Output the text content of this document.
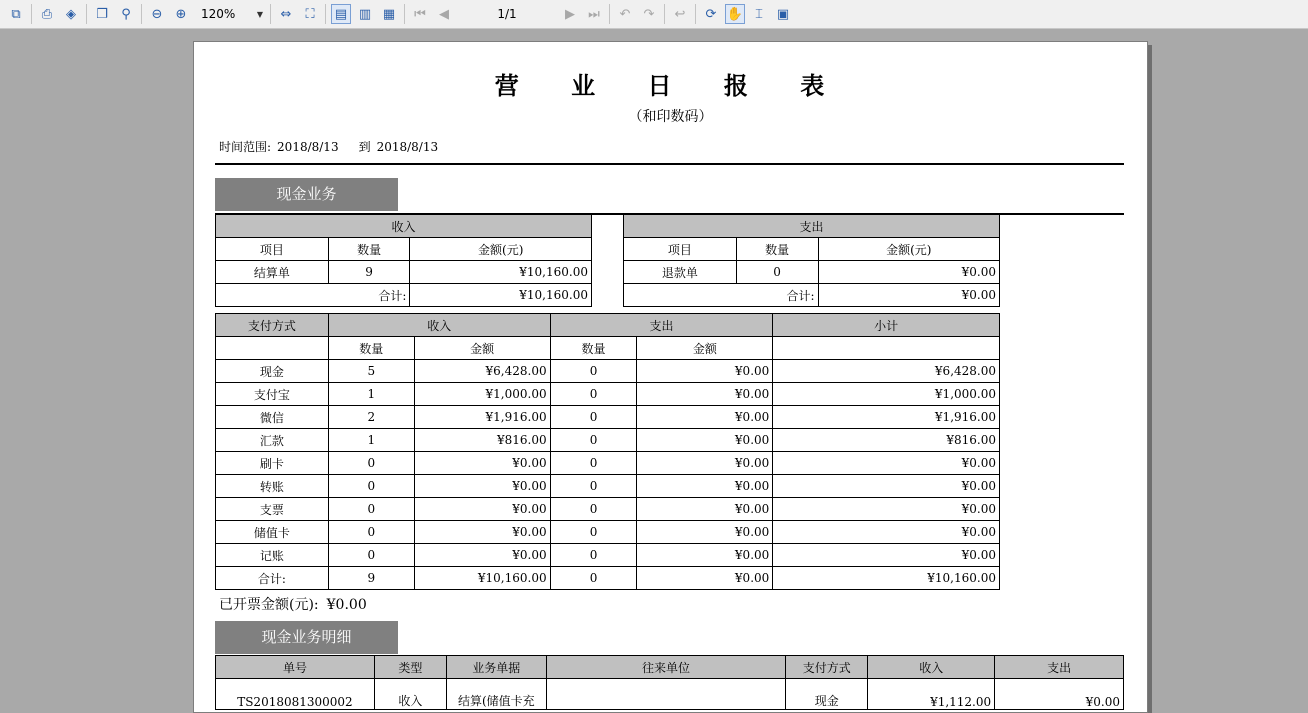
⧉	⎙	◈	❐	⚲	⊖	⊕	120%	▼	⇔	⛶	▤ ▥ ▦	⏮	◀	1/1	▶	⏭	↶	↷	↩	⟳ ✋ ⌶	▣
营 业 日 报 表
（和印数码）
时间范围: 2018/8/13 到 2018/8/13
现金业务
收入		
项目	数量	金额(元)
结算单	9	¥10,160.00
合计:		¥10,160.00
支出		
项目	数量	金额(元)
退款单	0	¥0.00
合计:		¥0.00
支付方式	收入		支出		小计
	数量	金额	数量	金额	
现金	5	¥6,428.00	0	¥0.00	¥6,428.00
支付宝	1	¥1,000.00	0	¥0.00	¥1,000.00
微信	2	¥1,916.00	0	¥0.00	¥1,916.00
汇款	1	¥816.00	0	¥0.00	¥816.00
刷卡	0	¥0.00	0	¥0.00	¥0.00
转账	0	¥0.00	0	¥0.00	¥0.00
支票	0	¥0.00	0	¥0.00	¥0.00
储值卡	0	¥0.00	0	¥0.00	¥0.00
记账	0	¥0.00	0	¥0.00	¥0.00
合计:	9	¥10,160.00	0	¥0.00	¥10,160.00
已开票金额(元): ¥0.00
现金业务明细
单号	类型	业务单据	往来单位	支付方式	收入	支出
TS2018081300002	收入	结算(储值卡充		现金	¥1,112.00	¥0.00
